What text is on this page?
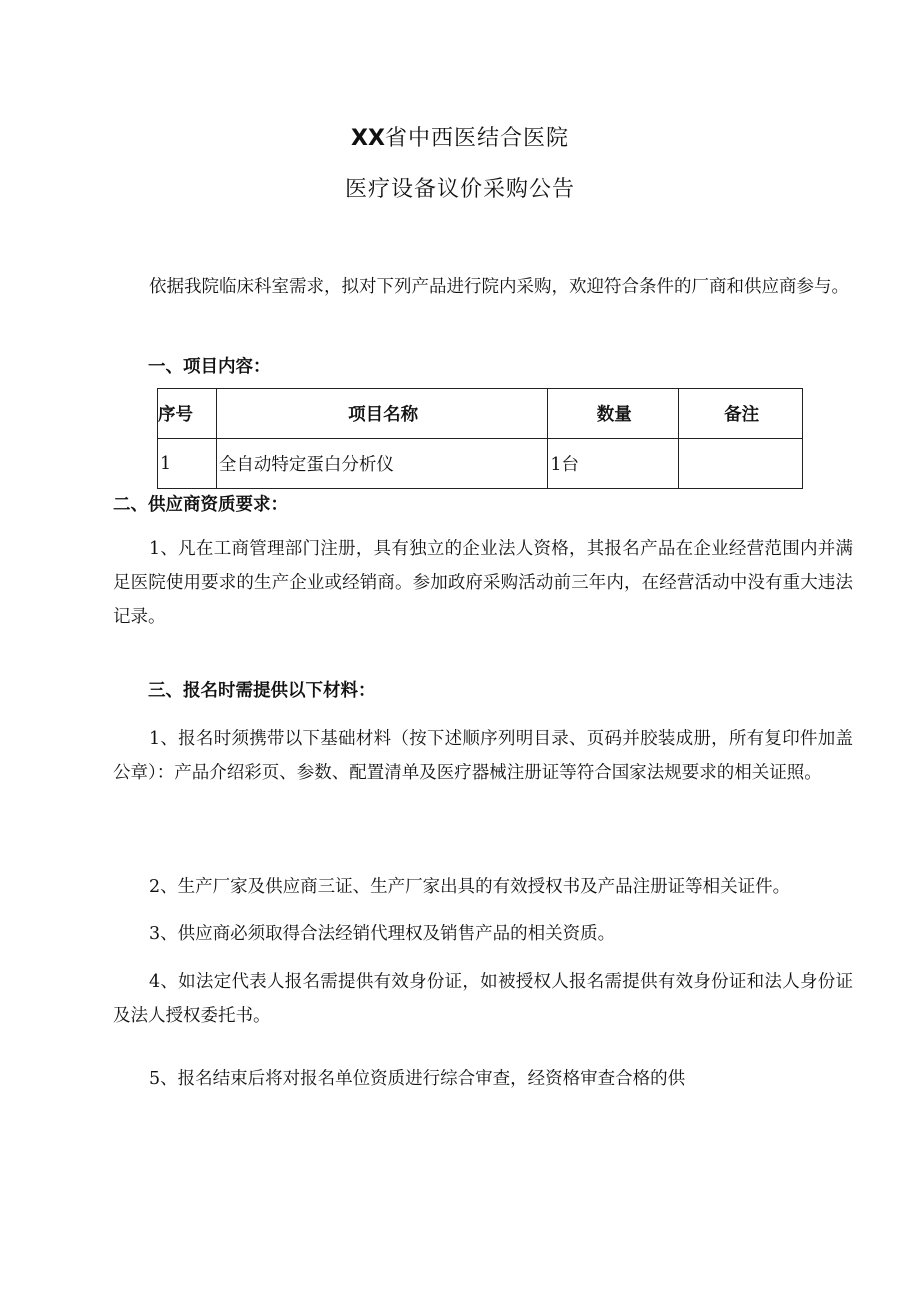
XX省中西医结合医院
医疗设备议价采购公告

依据我院临床科室需求，拟对下列产品进行院内采购，欢迎符合条件的厂商和供应商参与。

一、项目内容：

序号	项目名称	数量	备注
1	全自动特定蛋白分析仪	1台	

二、供应商资质要求：

1、凡在工商管理部门注册，具有独立的企业法人资格，其报名产品在企业经营范围内并满足医院使用要求的生产企业或经销商。参加政府采购活动前三年内，在经营活动中没有重大违法记录。

三、报名时需提供以下材料：

1、报名时须携带以下基础材料（按下述顺序列明目录、页码并胶装成册，所有复印件加盖公章）：产品介绍彩页、参数、配置清单及医疗器械注册证等符合国家法规要求的相关证照。

2、生产厂家及供应商三证、生产厂家出具的有效授权书及产品注册证等相关证件。

3、供应商必须取得合法经销代理权及销售产品的相关资质。

4、如法定代表人报名需提供有效身份证，如被授权人报名需提供有效身份证和法人身份证及法人授权委托书。

5、报名结束后将对报名单位资质进行综合审查，经资格审查合格的供
